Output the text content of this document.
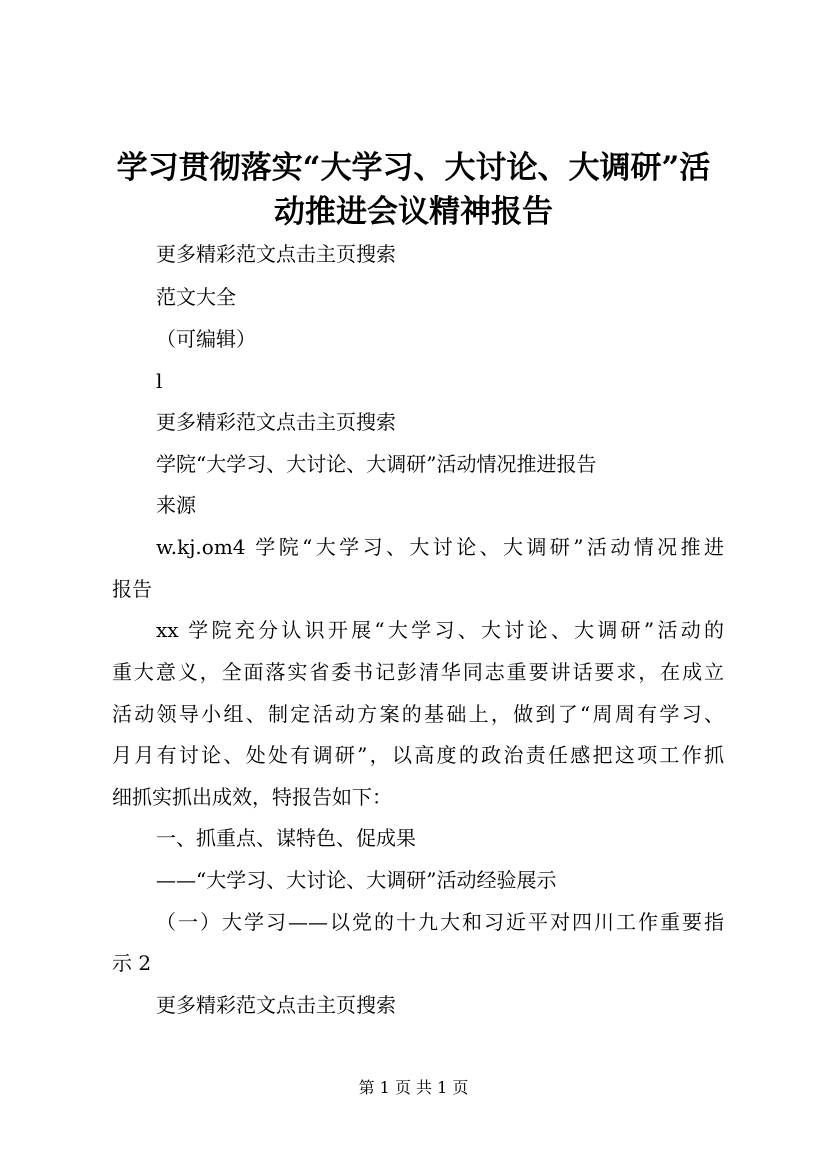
学习贯彻落实“大学习、大讨论、大调研”活
动推进会议精神报告
更多精彩范文点击主页搜索
范文大全
（可编辑）
l
更多精彩范文点击主页搜索
学院“大学习、大讨论、大调研”活动情况推进报告
来源
w.kj.om4 学院“大学习、大讨论、大调研”活动情况推进
报告
xx 学院充分认识开展“大学习、大讨论、大调研”活动的
重大意义，全面落实省委书记彭清华同志重要讲话要求，在成立
活动领导小组、制定活动方案的基础上，做到了“周周有学习、
月月有讨论、处处有调研”，以高度的政治责任感把这项工作抓
细抓实抓出成效，特报告如下：
一、抓重点、谋特色、促成果
——“大学习、大讨论、大调研”活动经验展示
（一）大学习——以党的十九大和习近平对四川工作重要指
示 2
更多精彩范文点击主页搜索
第 1 页 共 1 页
